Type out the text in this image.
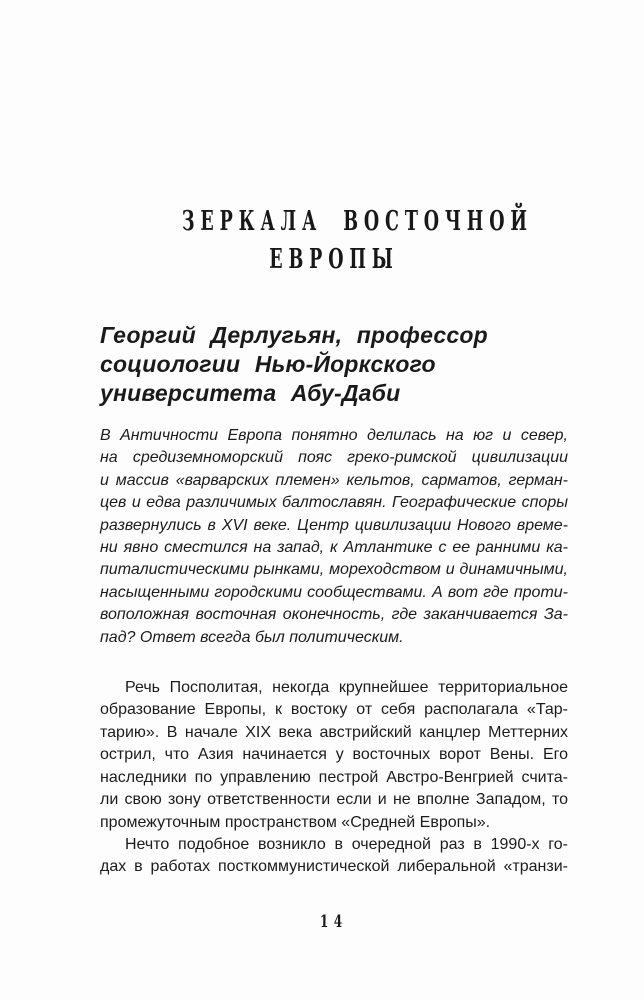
ЗЕРКАЛА ВОСТОЧНОЙ
ЕВРОПЫ
Георгий Дерлугьян, профессор
социологии Нью-Йоркского
университета Абу-Даби
В Античности Европа понятно делилась на юг и север,
на средиземноморский пояс греко-римской цивилизации
и массив «варварских племен» кельтов, сарматов, герман-
цев и едва различимых балтославян. Географические споры
развернулись в XVI веке. Центр цивилизации Нового време-
ни явно сместился на запад, к Атлантике с ее ранними ка-
питалистическими рынками, мореходством и динамичными,
насыщенными городскими сообществами. А вот где проти-
воположная восточная оконечность, где заканчивается За-
пад? Ответ всегда был политическим.
Речь Посполитая, некогда крупнейшее территориальное
образование Европы, к востоку от себя располагала «Тар-
тарию». В начале XIX века австрийский канцлер Меттерних
острил, что Азия начинается у восточных ворот Вены. Его
наследники по управлению пестрой Австро-Венгрией счита-
ли свою зону ответственности если и не вполне Западом, то
промежуточным пространством «Средней Европы».
Нечто подобное возникло в очередной раз в 1990-х го-
дах в работах посткоммунистической либеральной «транзи-
14
